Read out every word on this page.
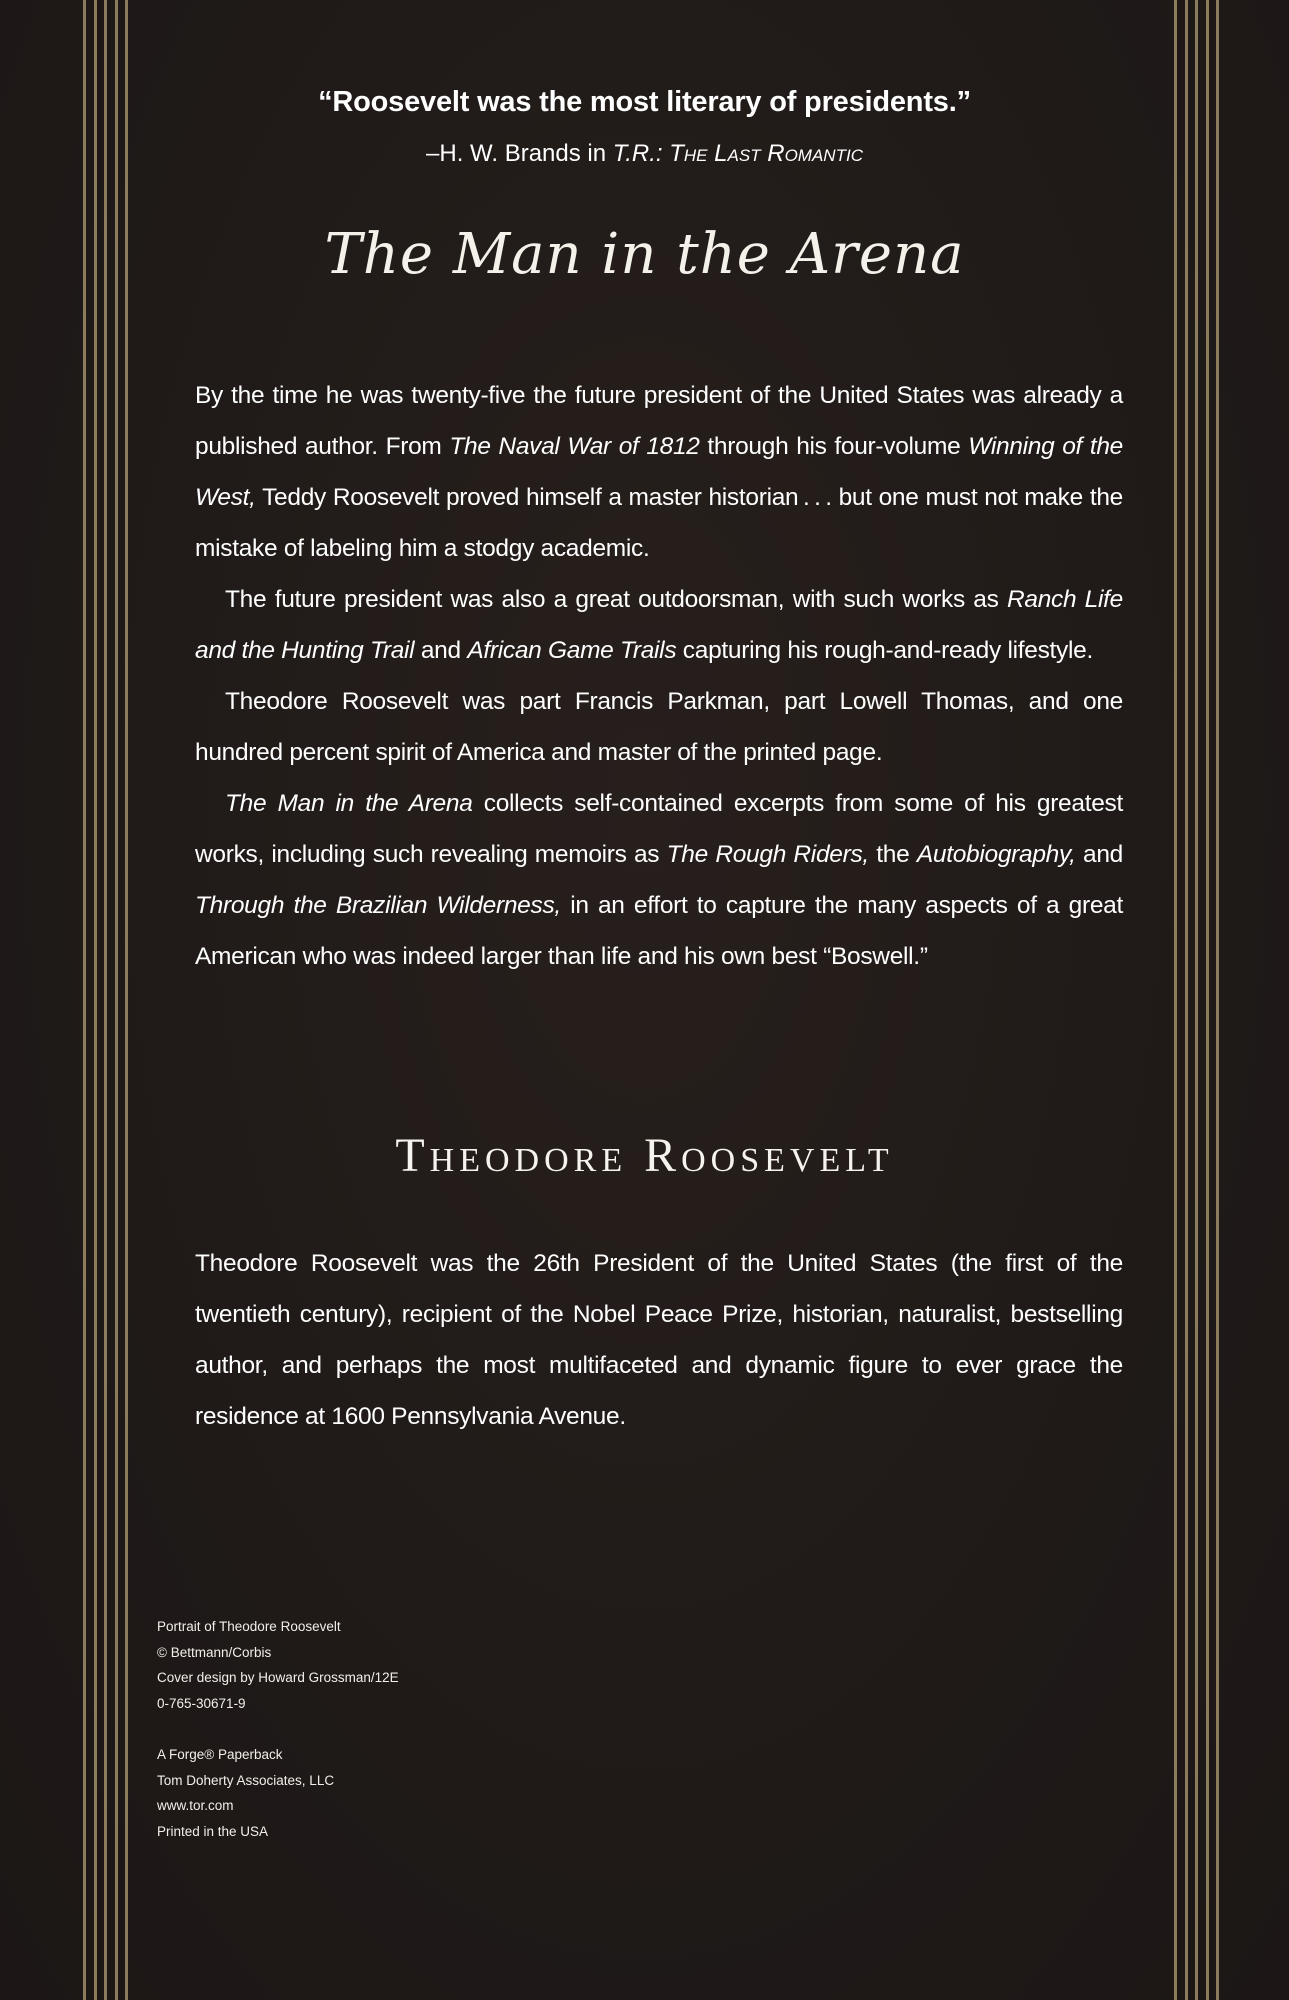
“Roosevelt was the most literary of presidents.”
–H. W. Brands in T.R.: The Last Romantic
The Man in the Arena

By the time he was twenty-five the future president of the United States was already a published author. From The Naval War of 1812 through his four-volume Winning of the West, Teddy Roosevelt proved himself a master historian . . . but one must not make the mistake of labeling him a stodgy academic.

The future president was also a great outdoorsman, with such works as Ranch Life and the Hunting Trail and African Game Trails capturing his rough-and-ready lifestyle.

Theodore Roosevelt was part Francis Parkman, part Lowell Thomas, and one hundred percent spirit of America and master of the printed page.

The Man in the Arena collects self-contained excerpts from some of his greatest works, including such revealing memoirs as The Rough Riders, the Autobiography, and Through the Brazilian Wilderness, in an effort to capture the many aspects of a great American who was indeed larger than life and his own best “Boswell.”

Theodore Roosevelt

Theodore Roosevelt was the 26th President of the United States (the first of the twentieth century), recipient of the Nobel Peace Prize, historian, naturalist, bestselling author, and perhaps the most multifaceted and dynamic figure to ever grace the residence at 1600 Pennsylvania Avenue.

Portrait of Theodore Roosevelt
© Bettmann/Corbis
Cover design by Howard Grossman/12E
0-765-30671-9
A Forge® Paperback
Tom Doherty Associates, LLC
www.tor.com
Printed in the USA
